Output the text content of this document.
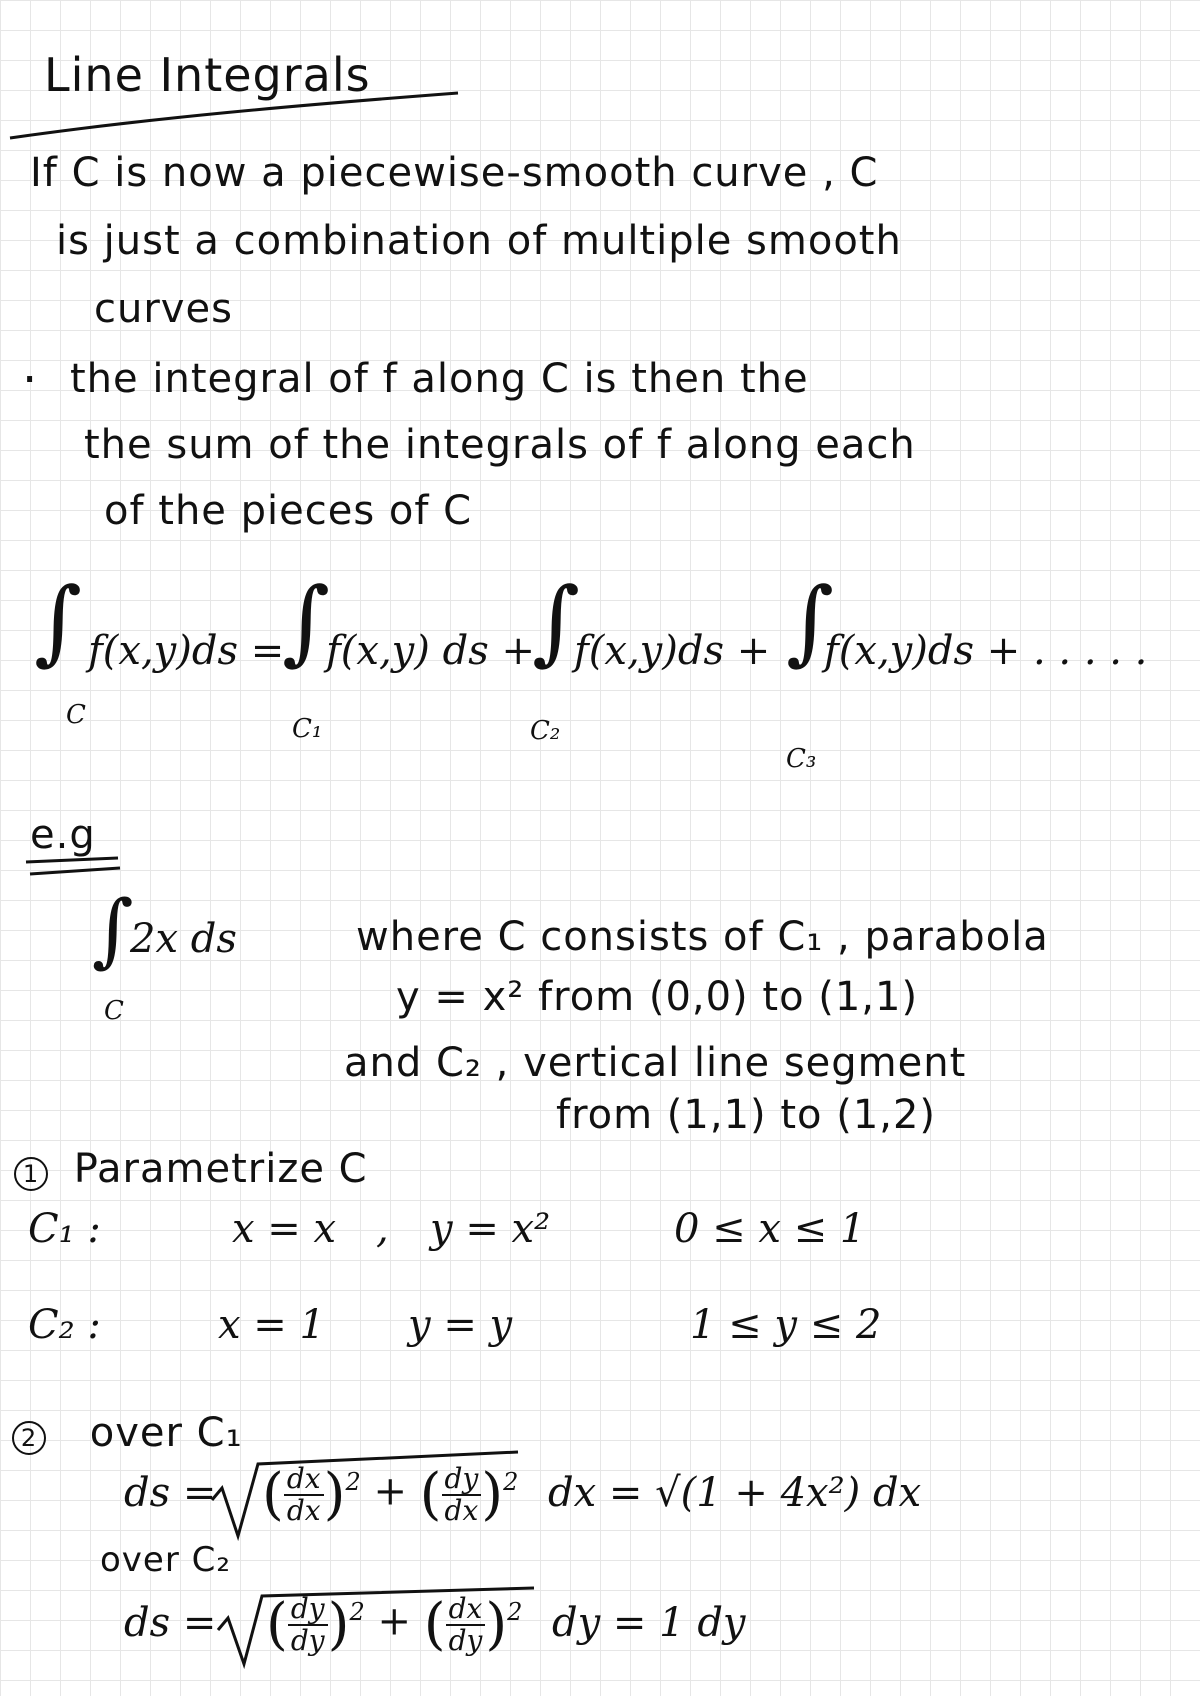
Line Integrals
If C is now a piecewise-smooth curve , C
is just a combination of multiple smooth
curves
· the integral of f along C is then the
the sum of the integrals of f along each
of the pieces of C
∫
C
f(x,y)ds =
∫
C₁
f(x,y) ds +
∫
C₂
f(x,y)ds + ∫
C₃
f(x,y)ds + . . . . .
e.g
∫
C
2x ds	where C consists of C₁ , parabola
y = x² from (0,0) to (1,1)
and C₂ , vertical line segment
from (1,1) to (1,2)
1 Parametrize C
C₁ :	x = x , y = x²	0 ≤ x ≤ 1
C₂ :	x = 1 y = y	1 ≤ y ≤ 2
2 over C₁
ds = ( $\frac{dx}{dx} )^2$ + ( $\frac{dy}{dx} )^2$ dx = √(1 + 4x²) dx
over C₂
ds = ( $\frac{dy}{dy} )^2$ + ( $\frac{dx}{dy} )^2$ dy = 1 dy
